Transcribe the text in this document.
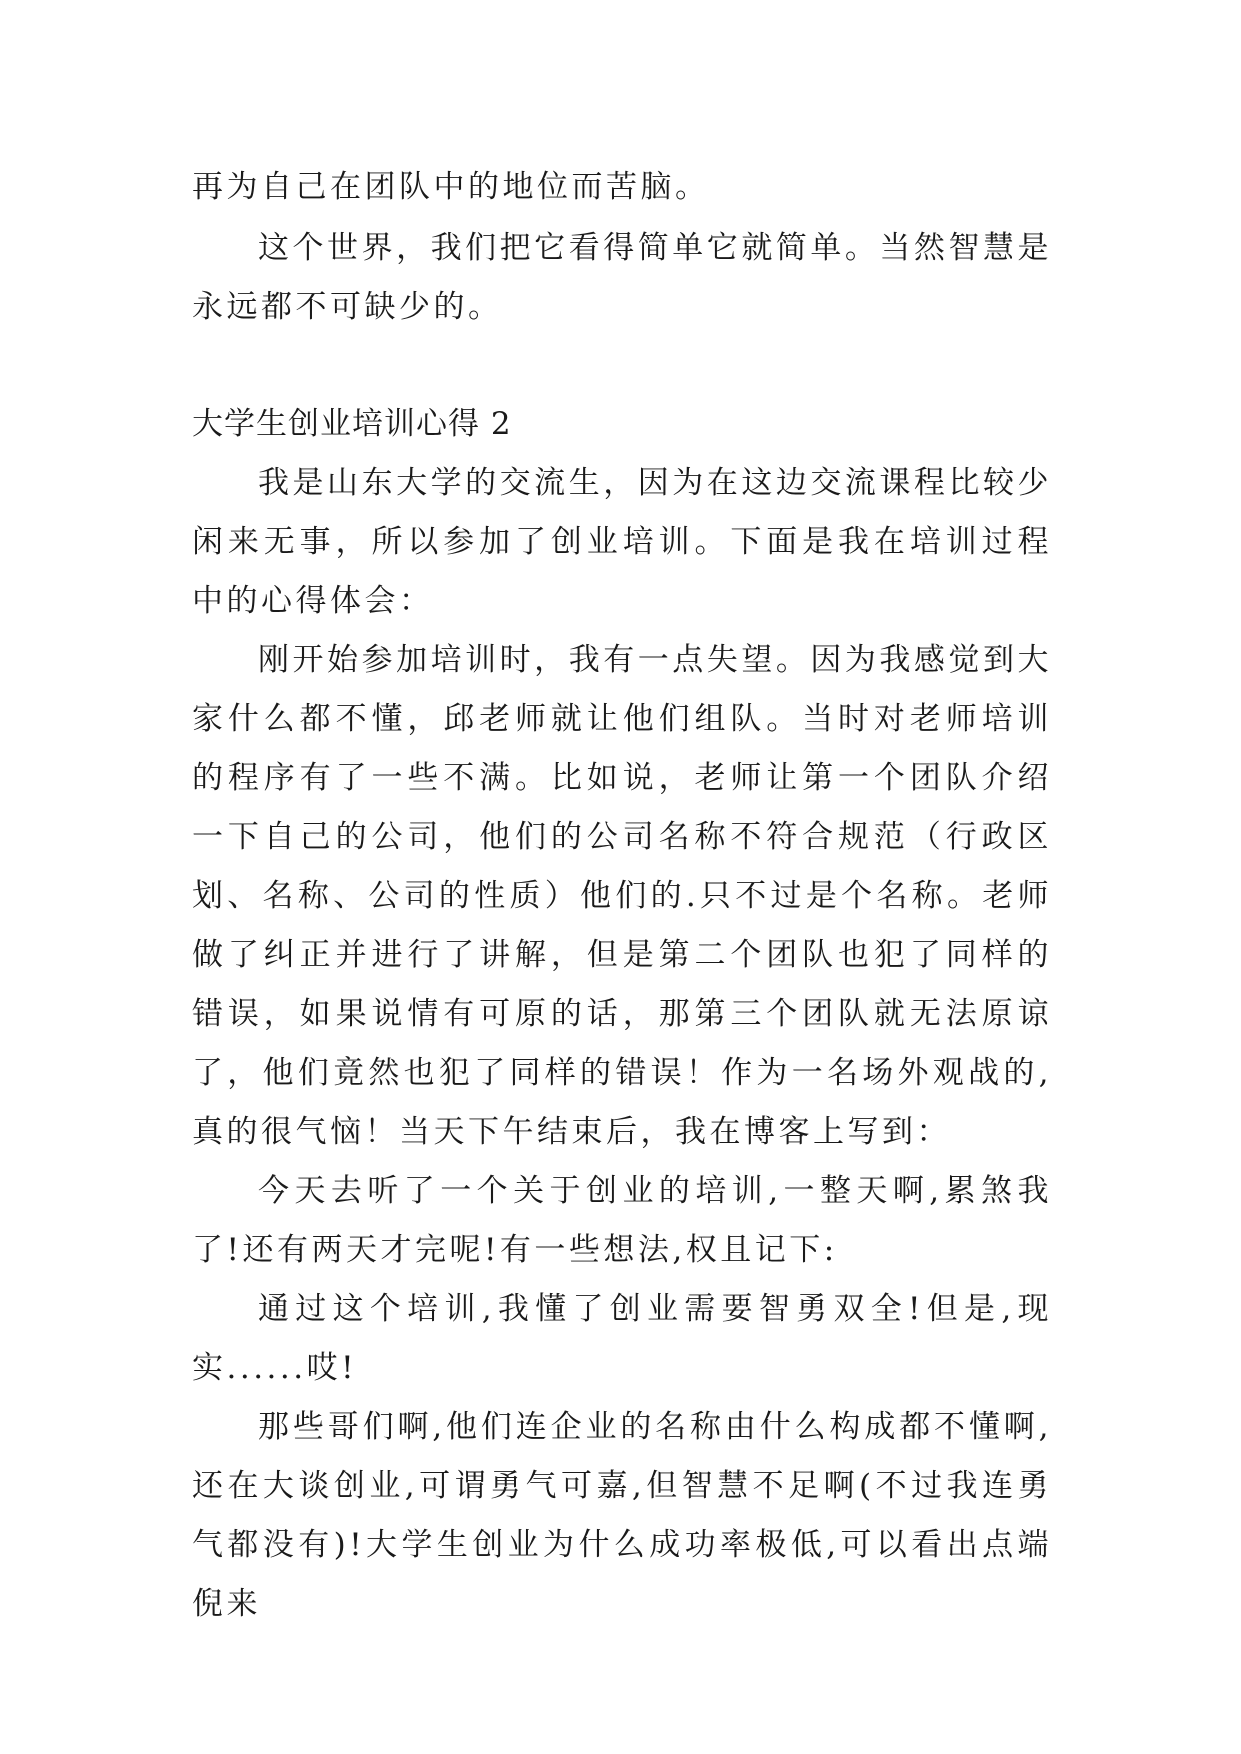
再为自己在团队中的地位而苦脑。

这个世界，我们把它看得简单它就简单。当然智慧是永远都不可缺少的。

大学生创业培训心得 2

我是山东大学的交流生，因为在这边交流课程比较少闲来无事，所以参加了创业培训。下面是我在培训过程中的心得体会：

刚开始参加培训时，我有一点失望。因为我感觉到大家什么都不懂，邱老师就让他们组队。当时对老师培训的程序有了一些不满。比如说，老师让第一个团队介绍一下自己的公司，他们的公司名称不符合规范（行政区划、名称、公司的性质）他们的.只不过是个名称。老师做了纠正并进行了讲解，但是第二个团队也犯了同样的错误，如果说情有可原的话，那第三个团队就无法原谅了，他们竟然也犯了同样的错误！作为一名场外观战的,真的很气恼！当天下午结束后，我在博客上写到：

今天去听了一个关于创业的培训,一整天啊,累煞我了!还有两天才完呢!有一些想法,权且记下:

通过这个培训,我懂了创业需要智勇双全!但是,现实......哎!

那些哥们啊,他们连企业的名称由什么构成都不懂啊,还在大谈创业,可谓勇气可嘉,但智慧不足啊(不过我连勇气都没有)!大学生创业为什么成功率极低,可以看出点端倪来
